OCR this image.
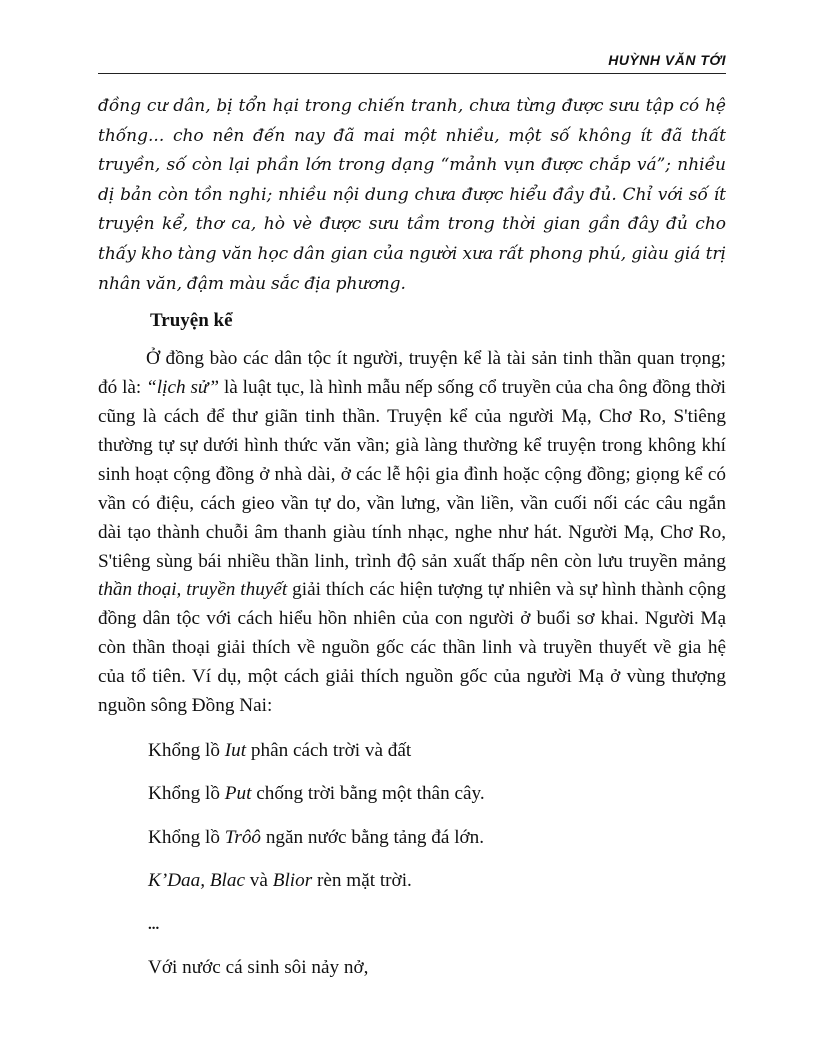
HUỲNH VĂN TỚI

đồng cư dân, bị tổn hại trong chiến tranh, chưa từng được sưu tập có hệ thống... cho nên đến nay đã mai một nhiều, một số không ít đã thất truyền, số còn lại phần lớn trong dạng “mảnh vụn được chắp vá”; nhiều dị bản còn tồn nghi; nhiều nội dung chưa được hiểu đầy đủ. Chỉ với số ít truyện kể, thơ ca, hò vè được sưu tầm trong thời gian gần đây đủ cho thấy kho tàng văn học dân gian của người xưa rất phong phú, giàu giá trị nhân văn, đậm màu sắc địa phương.

Truyện kể

Ở đồng bào các dân tộc ít người, truyện kể là tài sản tinh thần quan trọng; đó là: “lịch sử” là luật tục, là hình mẫu nếp sống cổ truyền của cha ông đồng thời cũng là cách để thư giãn tinh thần. Truyện kể của người Mạ, Chơ Ro, S'tiêng thường tự sự dưới hình thức văn vần; già làng thường kể truyện trong không khí sinh hoạt cộng đồng ở nhà dài, ở các lễ hội gia đình hoặc cộng đồng; giọng kể có vần có điệu, cách gieo vần tự do, vần lưng, vần liền, vần cuối nối các câu ngắn dài tạo thành chuỗi âm thanh giàu tính nhạc, nghe như hát. Người Mạ, Chơ Ro, S'tiêng sùng bái nhiều thần linh, trình độ sản xuất thấp nên còn lưu truyền mảng thần thoại, truyền thuyết giải thích các hiện tượng tự nhiên và sự hình thành cộng đồng dân tộc với cách hiểu hồn nhiên của con người ở buổi sơ khai. Người Mạ còn thần thoại giải thích về nguồn gốc các thần linh và truyền thuyết về gia hệ của tổ tiên. Ví dụ, một cách giải thích nguồn gốc của người Mạ ở vùng thượng nguồn sông Đồng Nai:

Khổng lồ Iut phân cách trời và đất

Khổng lồ Put chống trời bằng một thân cây.

Khổng lồ Trôô ngăn nước bằng tảng đá lớn.

K’Daa, Blac và Blior rèn mặt trời.

...

Với nước cá sinh sôi nảy nở,
